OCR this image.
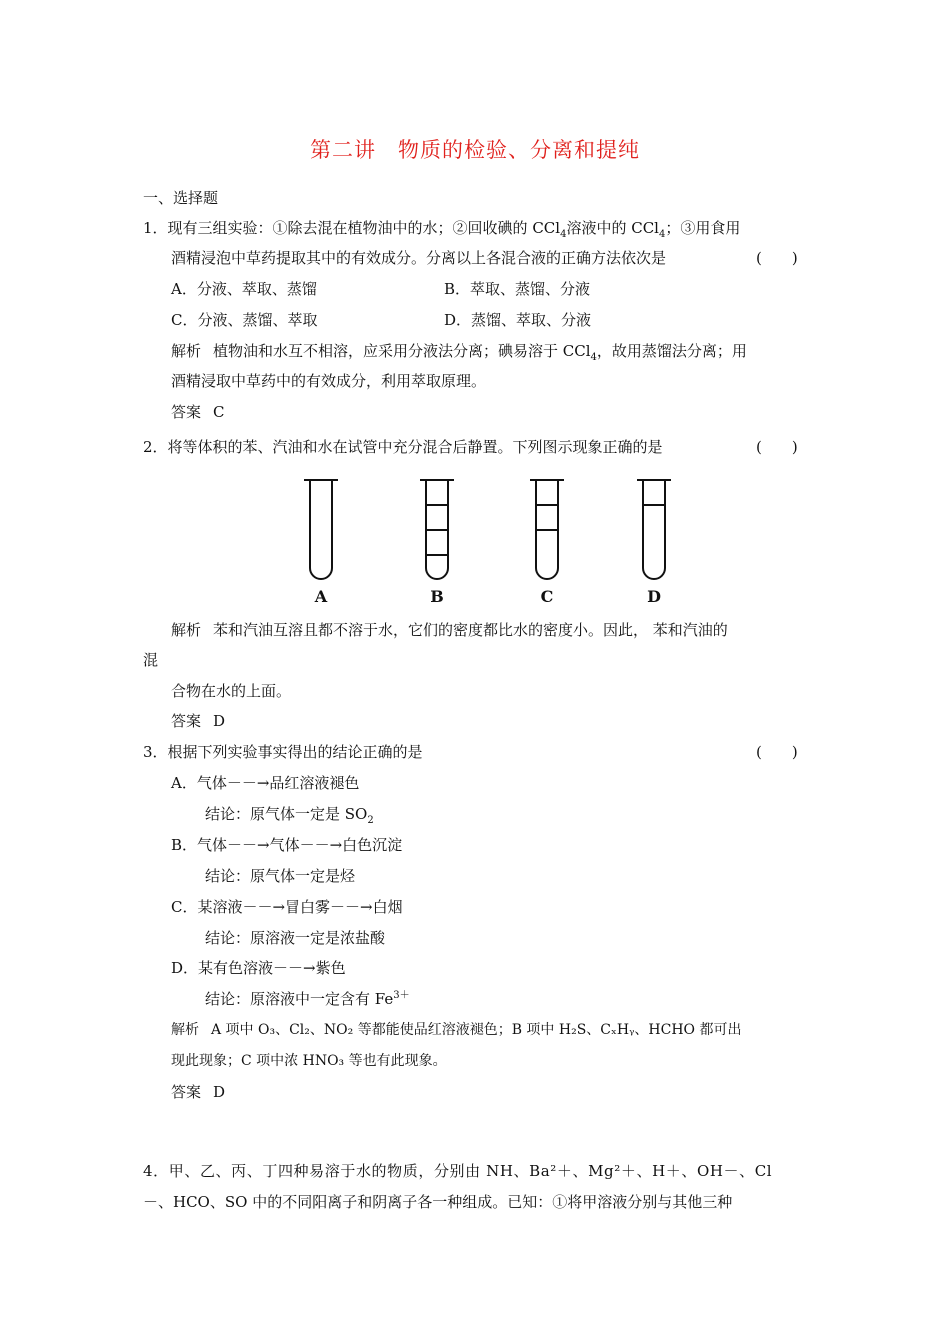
第二讲　物质的检验、分离和提纯
一、选择题
1．现有三组实验：①除去混在植物油中的水；②回收碘的 CCl$_4$溶液中的 CCl$_4$；③用食用
酒精浸泡中草药提取其中的有效成分。分离以上各混合液的正确方法依次是	(　　)
A．分液、萃取、蒸馏	B．萃取、蒸馏、分液
C．分液、蒸馏、萃取	D．蒸馏、萃取、分液
解析 植物油和水互不相溶，应采用分液法分离；碘易溶于 CCl$_4$，故用蒸馏法分离；用
酒精浸取中草药中的有效成分，利用萃取原理。
答案 C
2．将等体积的苯、汽油和水在试管中充分混合后静置。下列图示现象正确的是	(　　)
A	B	C	D
解析 苯和汽油互溶且都不溶于水，它们的密度都比水的密度小。因此， 苯和汽油的
混
合物在水的上面。
答案 D
3．根据下列实验事实得出的结论正确的是	(　　)
A．气体－－→品红溶液褪色
结论：原气体一定是 $SO_2$
B．气体－－→气体－－→白色沉淀
结论：原气体一定是烃
C．某溶液－－→冒白雾－－→白烟
结论：原溶液一定是浓盐酸
D．某有色溶液－－→紫色
结论：原溶液中一定含有 $Fe^{3+}$
解析 A 项中 O₃、Cl₂、NO₂ 等都能使品红溶液褪色；B 项中 H₂S、CₓHᵧ、HCHO 都可出
现此现象；C 项中浓 HNO₃ 等也有此现象。
答案 D
4．甲、乙、丙、丁四种易溶于水的物质，分别由 NH、Ba²＋、Mg²＋、H＋、OH－、Cl
－、HCO、SO 中的不同阳离子和阴离子各一种组成。已知：①将甲溶液分别与其他三种
